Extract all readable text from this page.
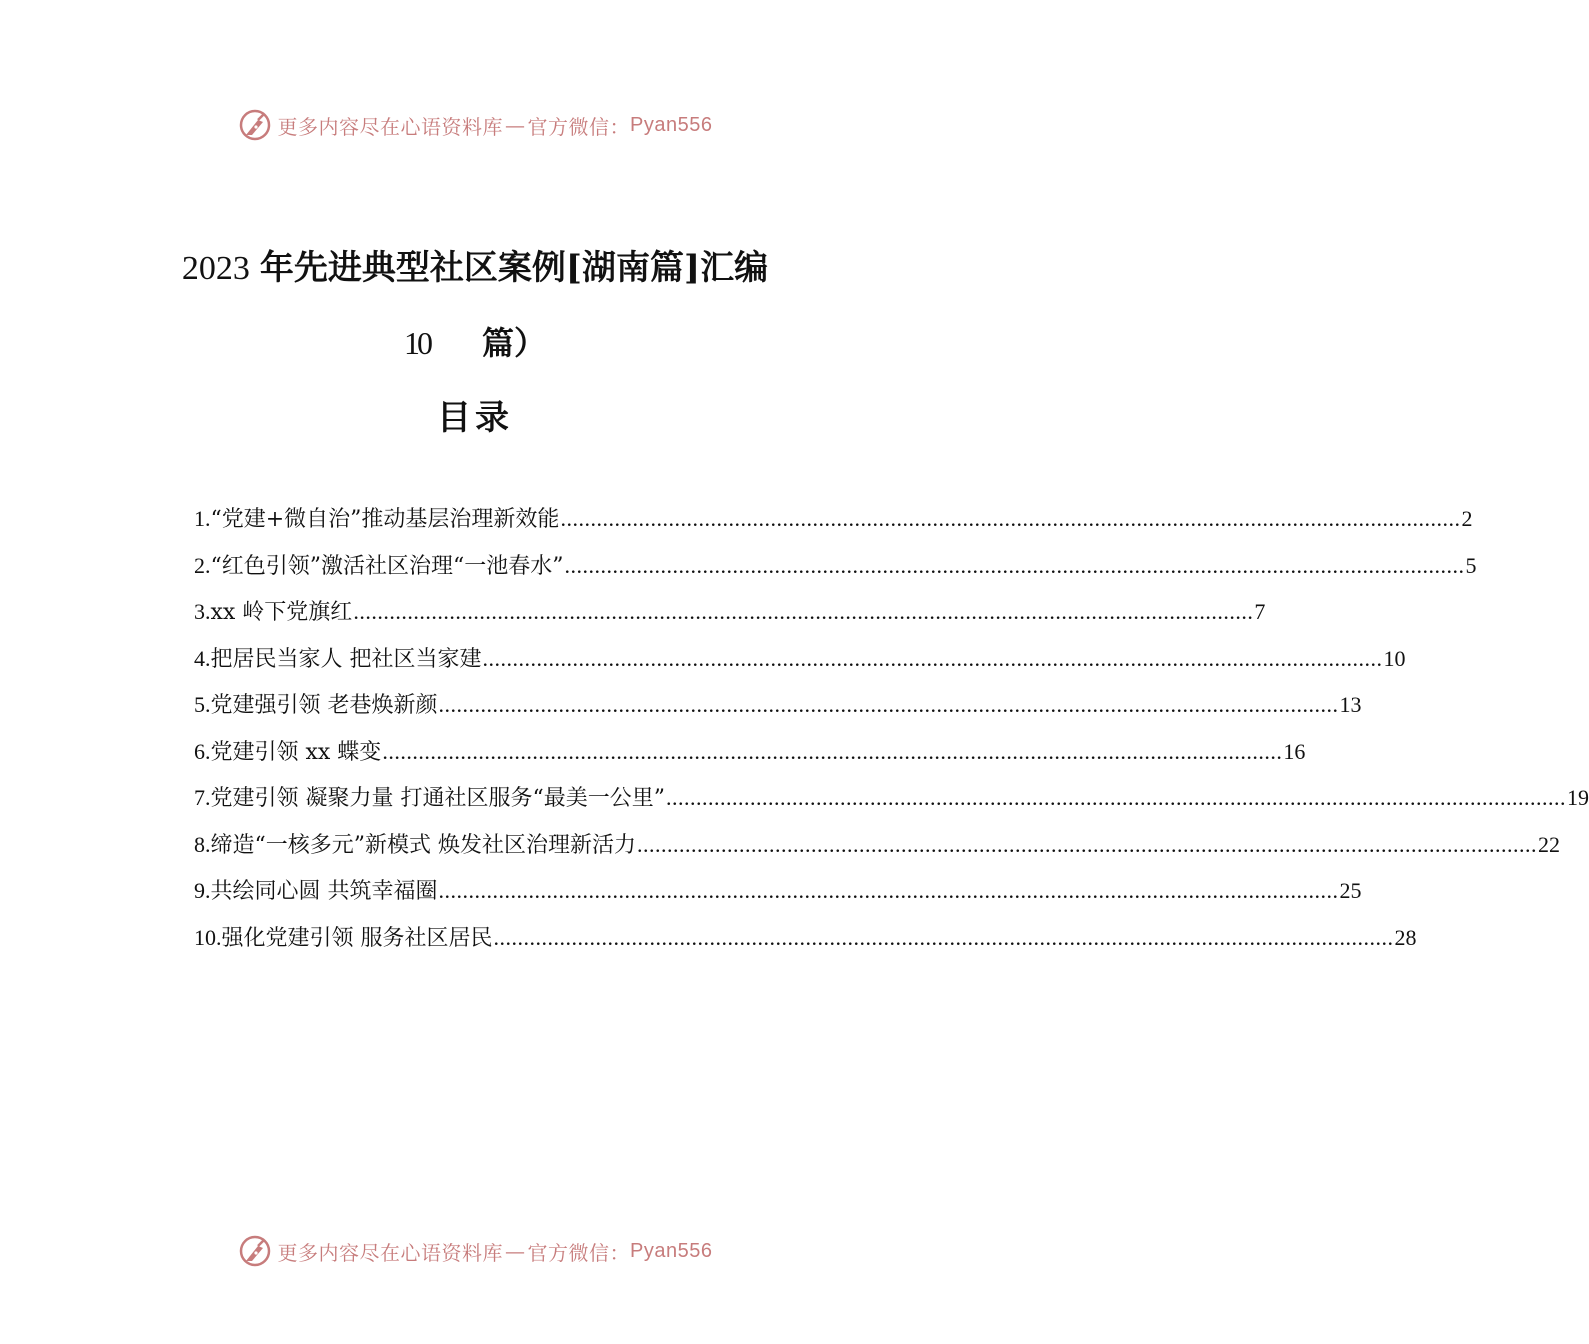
更多内容尽在心语资料库 — 官方微信： Pyan556
2023 年先进典型社区案例[湖南篇]汇编
10 篇）
目录
1. “党建+微自治”推动基层治理新效能 .....	2
2. “红色引领”激活社区治理“一池春水” .....	5
3. xx 岭下党旗红 .....	7
4. 把居民当家人 把社区当家建 .....	10
5. 党建强引领 老巷焕新颜 .....	13
6. 党建引领 xx 蝶变 .....	16
7. 党建引领 凝聚力量 打通社区服务“最美一公里” .....	19
8. 缔造“一核多元”新模式 焕发社区治理新活力 .....	22
9. 共绘同心圆 共筑幸福圈 .....	25
10. 强化党建引领 服务社区居民 .....	28
更多内容尽在心语资料库 — 官方微信： Pyan556
